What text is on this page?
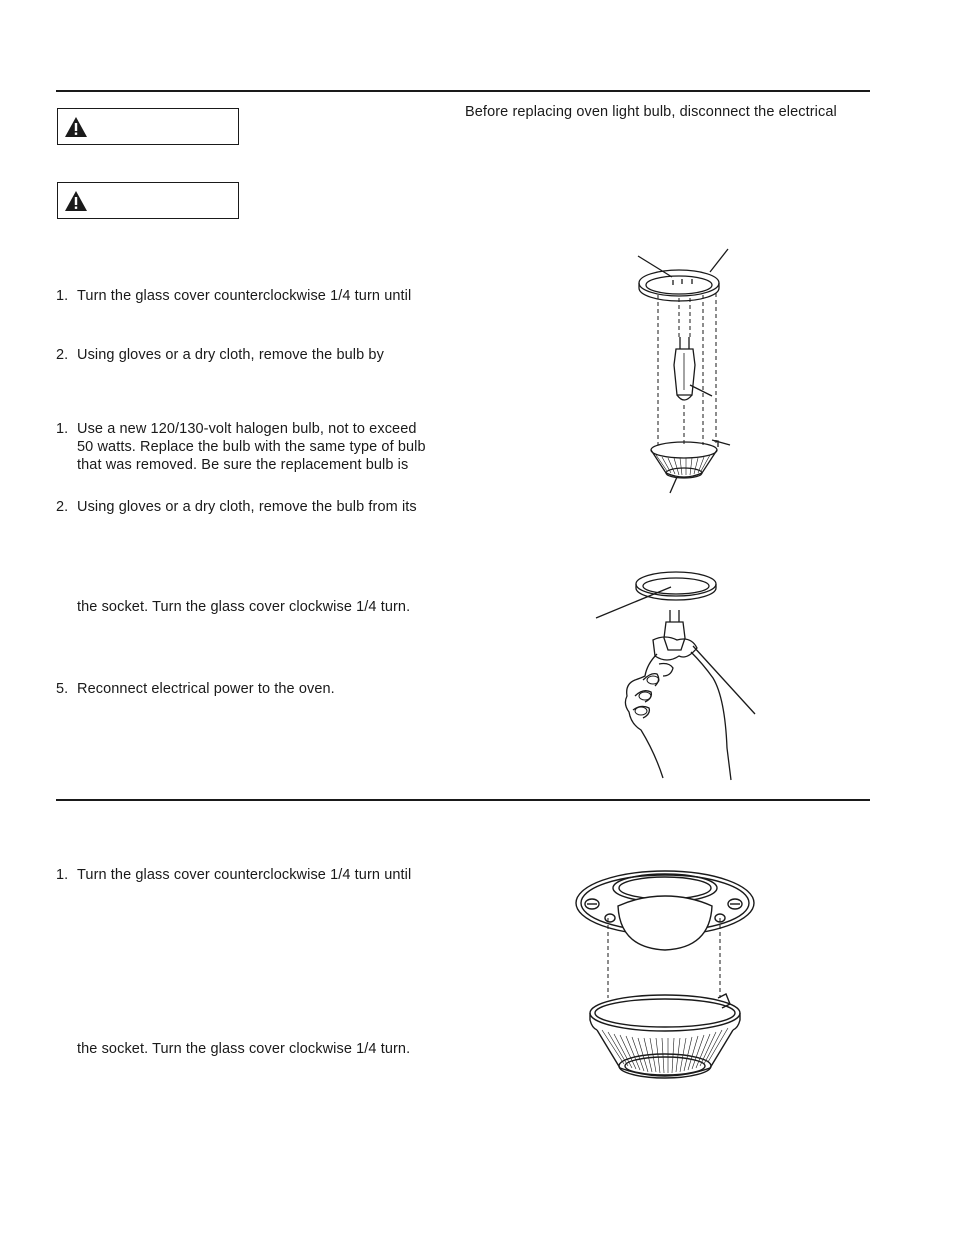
Before replacing oven light bulb, disconnect the electrical
1. Turn the glass cover counterclockwise 1/4 turn until
2. Using gloves or a dry cloth, remove the bulb by
1. Use a new 120/130-volt halogen bulb, not to exceed
50 watts. Replace the bulb with the same type of bulb
that was removed. Be sure the replacement bulb is
2. Using gloves or a dry cloth, remove the bulb from its
the socket. Turn the glass cover clockwise 1/4 turn.
5. Reconnect electrical power to the oven.
1. Turn the glass cover counterclockwise 1/4 turn until
the socket. Turn the glass cover clockwise 1/4 turn.
